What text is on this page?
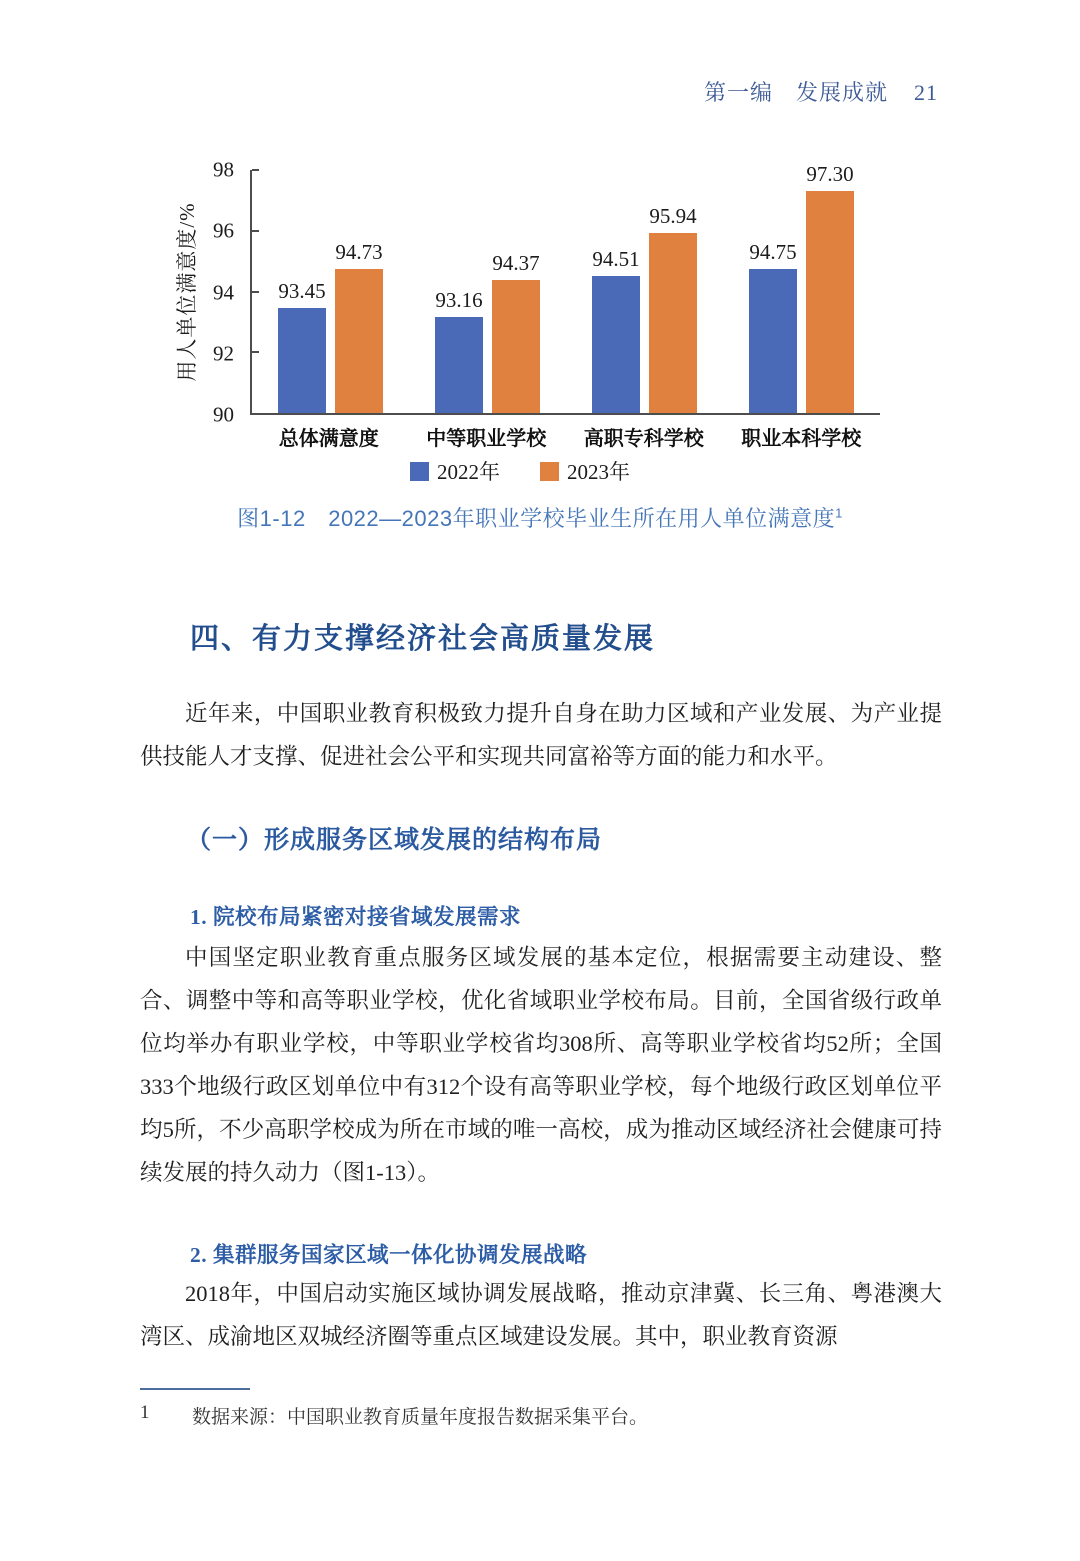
第一编　发展成就 21
用人单位满意度/%
90
92
94
96
98
93.45
94.73
93.16
94.37	94.51
95.94
94.75
97.30
总体满意度	中等职业学校	高职专科学校	职业本科学校
2022年	2023年
图1-12　2022—2023年职业学校毕业生所在用人单位满意度$^1$
四、有力支撑经济社会高质量发展

近年来，中国职业教育积极致力提升自身在助力区域和产业发展、为产业提供技能人才支撑、促进社会公平和实现共同富裕等方面的能力和水平。

（一）形成服务区域发展的结构布局
1. 院校布局紧密对接省域发展需求

中国坚定职业教育重点服务区域发展的基本定位，根据需要主动建设、整合、调整中等和高等职业学校，优化省域职业学校布局。目前，全国省级行政单位均举办有职业学校，中等职业学校省均308所、高等职业学校省均52所；全国333个地级行政区划单位中有312个设有高等职业学校，每个地级行政区划单位平均5所，不少高职学校成为所在市域的唯一高校，成为推动区域经济社会健康可持续发展的持久动力（图1-13）。

2. 集群服务国家区域一体化协调发展战略

2018年，中国启动实施区域协调发展战略，推动京津冀、长三角、粤港澳大湾区、成渝地区双城经济圈等重点区域建设发展。其中，职业教育资源

1	数据来源：中国职业教育质量年度报告数据采集平台。
